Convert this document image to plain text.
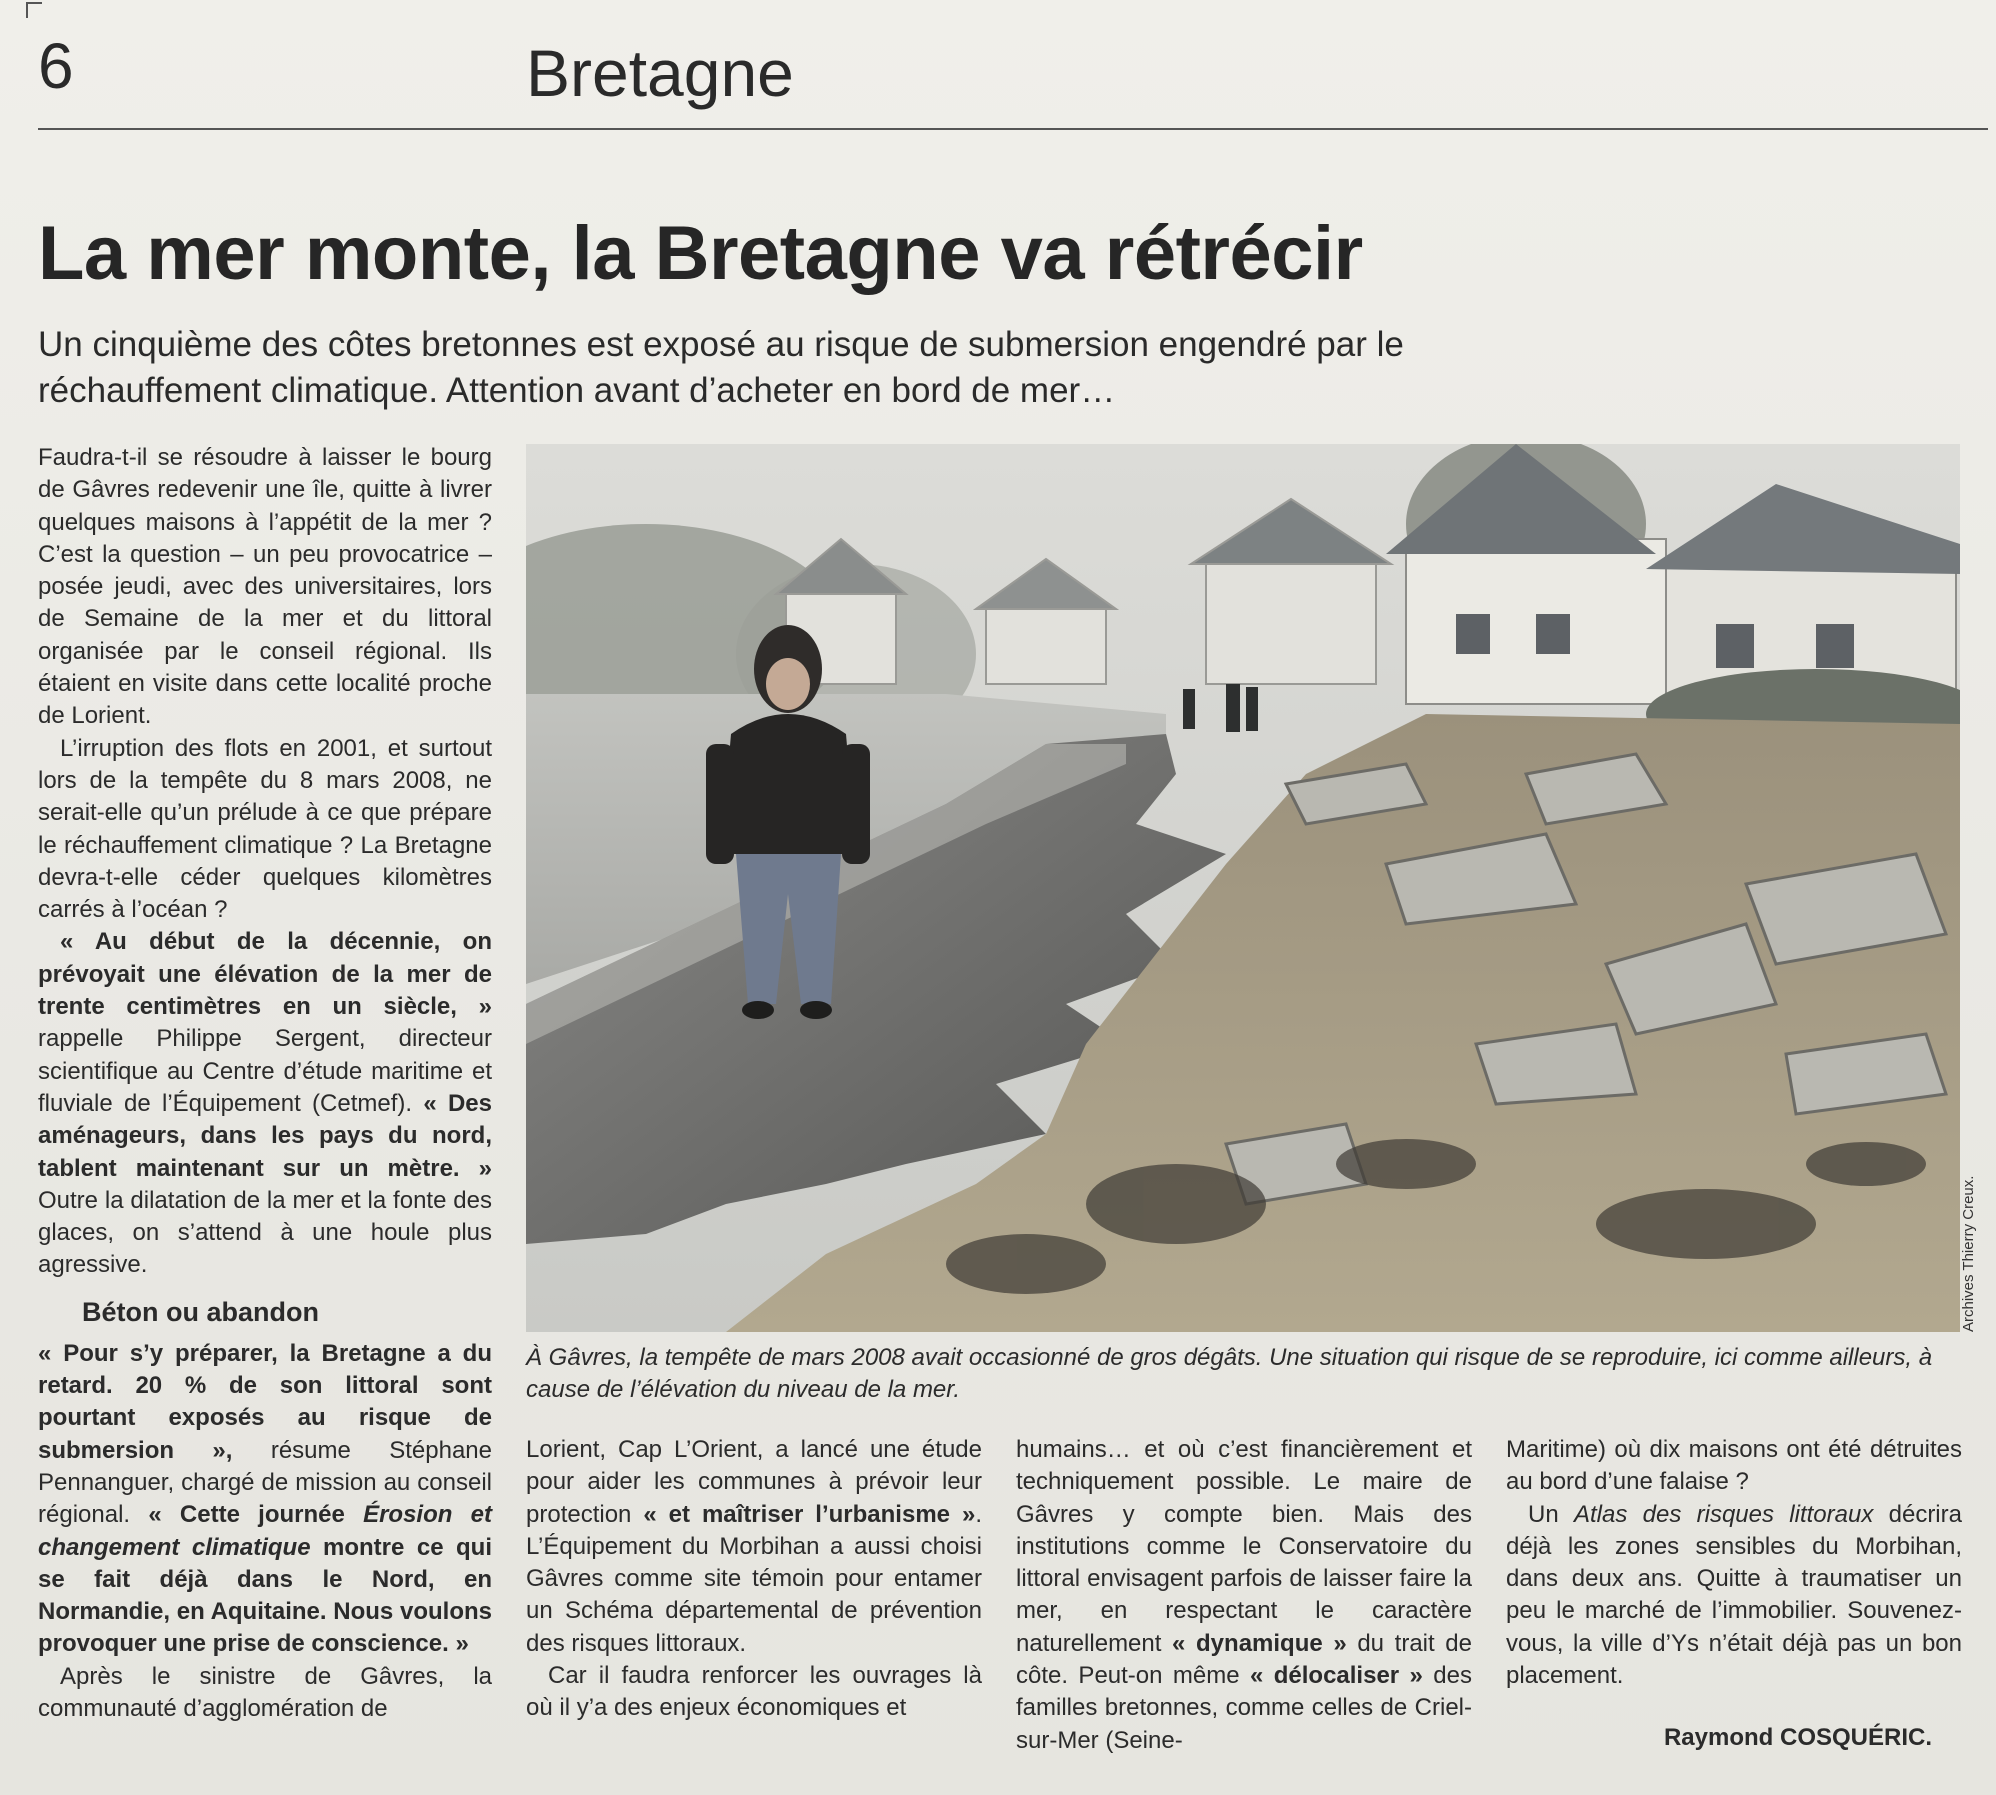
6	Bretagne
La mer monte, la Bretagne va rétrécir
Un cinquième des côtes bretonnes est exposé au risque de submersion engendré par le réchauffement climatique. Attention avant d’acheter en bord de mer…

Faudra-t-il se résoudre à laisser le bourg de Gâvres redevenir une île, quitte à livrer quelques maisons à l’appétit de la mer ? C’est la question – un peu provocatrice – posée jeudi, avec des universitaires, lors de Semaine de la mer et du littoral organisée par le conseil régional. Ils étaient en visite dans cette localité proche de Lorient.

L’irruption des flots en 2001, et surtout lors de la tempête du 8 mars 2008, ne serait-elle qu’un prélude à ce que prépare le réchauffement climatique ? La Bretagne devra-t-elle céder quelques kilomètres carrés à l’océan ?

« Au début de la décennie, on prévoyait une élévation de la mer de trente centimètres en un siècle, » rappelle Philippe Sergent, directeur scientifique au Centre d’étude maritime et fluviale de l’Équipement (Cetmef). « Des aménageurs, dans les pays du nord, tablent maintenant sur un mètre. » Outre la dilatation de la mer et la fonte des glaces, on s’attend à une houle plus agressive.

Béton ou abandon

« Pour s’y préparer, la Bretagne a du retard. 20 % de son littoral sont pourtant exposés au risque de submersion », résume Stéphane Pennanguer, chargé de mission au conseil régional. « Cette journée Érosion et changement climatique montre ce qui se fait déjà dans le Nord, en Normandie, en Aquitaine. Nous voulons provoquer une prise de conscience. »

Après le sinistre de Gâvres, la communauté d’agglomération de

Archives Thierry Creux.
À Gâvres, la tempête de mars 2008 avait occasionné de gros dégâts. Une situation qui risque de se reproduire, ici comme ailleurs, à cause de l’élévation du niveau de la mer.

Lorient, Cap L’Orient, a lancé une étude pour aider les communes à prévoir leur protection « et maîtriser l’urbanisme ». L’Équipement du Morbihan a aussi choisi Gâvres comme site témoin pour entamer un Schéma départemental de prévention des risques littoraux.

Car il faudra renforcer les ouvrages là où il y’a des enjeux économiques et

humains… et où c’est financièrement et techniquement possible. Le maire de Gâvres y compte bien. Mais des institutions comme le Conservatoire du littoral envisagent parfois de laisser faire la mer, en respectant le caractère naturellement « dynamique » du trait de côte. Peut-on même « délocaliser » des familles bretonnes, comme celles de Criel-sur-Mer (Seine-

Maritime) où dix maisons ont été détruites au bord d’une falaise ?

Un Atlas des risques littoraux décrira déjà les zones sensibles du Morbihan, dans deux ans. Quitte à traumatiser un peu le marché de l’immobilier. Souvenez-vous, la ville d’Ys n’était déjà pas un bon placement.

Raymond COSQUÉRIC.
